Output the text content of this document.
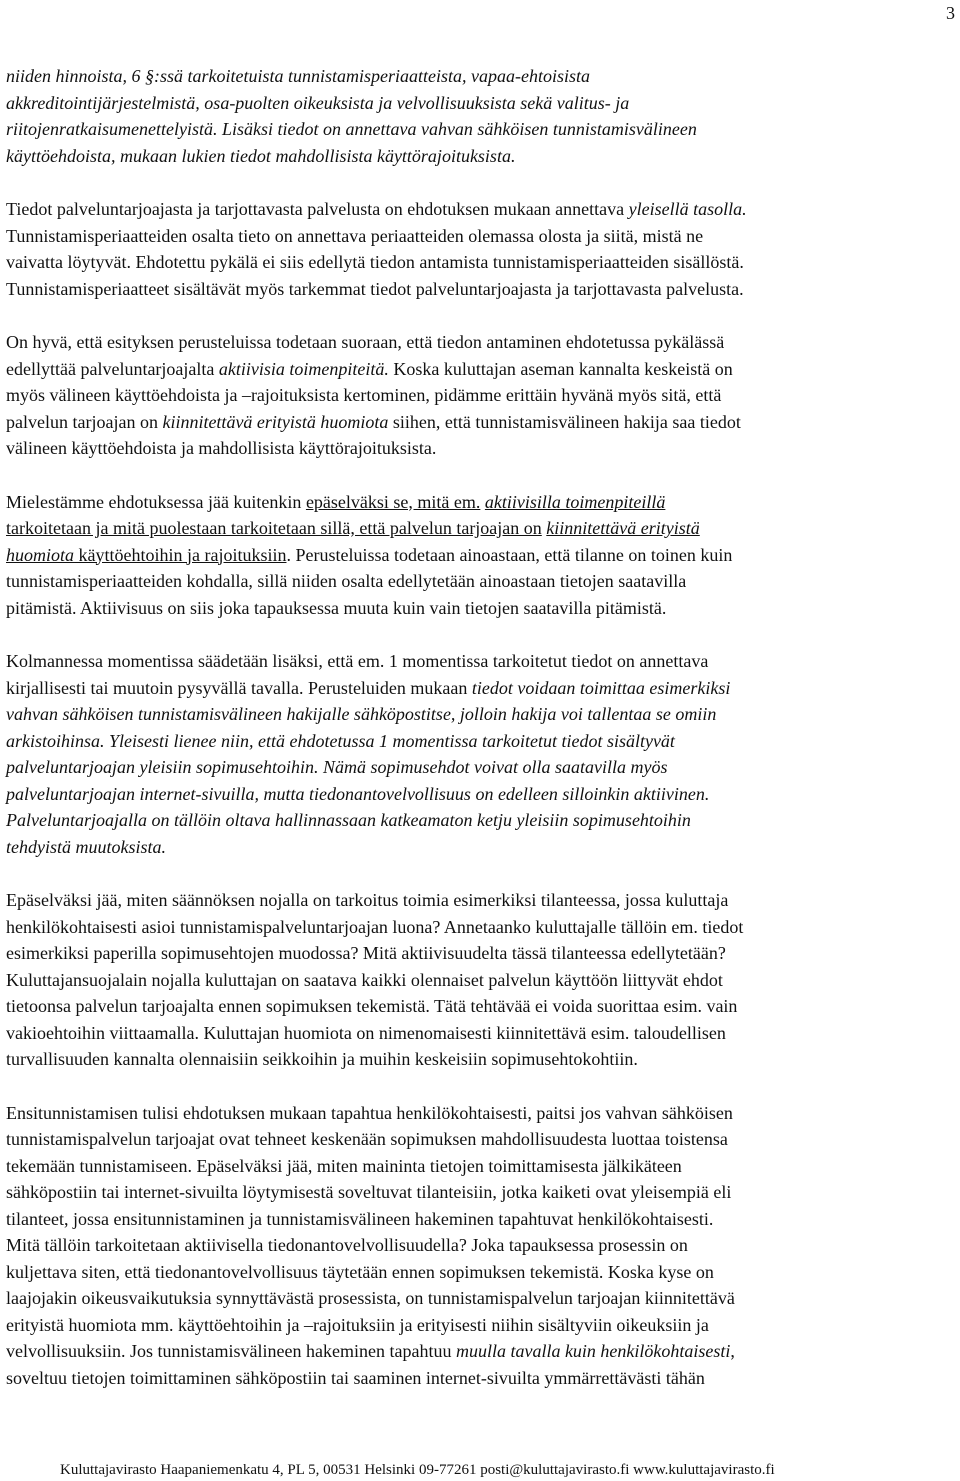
3
niiden hinnoista, 6 §:ssä tarkoitetuista tunnistamisperiaatteista, vapaa-ehtoisista
akkreditointijärjestelmistä, osa-puolten oikeuksista ja velvollisuuksista sekä valitus- ja
riitojenratkaisumenettelyistä. Lisäksi tiedot on annettava vahvan sähköisen tunnistamisvälineen
käyttöehdoista, mukaan lukien tiedot mahdollisista käyttörajoituksista.
Tiedot palveluntarjoajasta ja tarjottavasta palvelusta on ehdotuksen mukaan annettava yleisellä tasolla.
Tunnistamisperiaatteiden osalta tieto on annettava periaatteiden olemassa olosta ja siitä, mistä ne
vaivatta löytyvät. Ehdotettu pykälä ei siis edellytä tiedon antamista tunnistamisperiaatteiden sisällöstä.
Tunnistamisperiaatteet sisältävät myös tarkemmat tiedot palveluntarjoajasta ja tarjottavasta palvelusta.
On hyvä, että esityksen perusteluissa todetaan suoraan, että tiedon antaminen ehdotetussa pykälässä
edellyttää palveluntarjoajalta aktiivisia toimenpiteitä. Koska kuluttajan aseman kannalta keskeistä on
myös välineen käyttöehdoista ja –rajoituksista kertominen, pidämme erittäin hyvänä myös sitä, että
palvelun tarjoajan on kiinnitettävä erityistä huomiota siihen, että tunnistamisvälineen hakija saa tiedot
välineen käyttöehdoista ja mahdollisista käyttörajoituksista.
Mielestämme ehdotuksessa jää kuitenkin epäselväksi se, mitä em. aktiivisilla toimenpiteillä
tarkoitetaan ja mitä puolestaan tarkoitetaan sillä, että palvelun tarjoajan on kiinnitettävä erityistä
huomiota käyttöehtoihin ja rajoituksiin. Perusteluissa todetaan ainoastaan, että tilanne on toinen kuin
tunnistamisperiaatteiden kohdalla, sillä niiden osalta edellytetään ainoastaan tietojen saatavilla
pitämistä. Aktiivisuus on siis joka tapauksessa muuta kuin vain tietojen saatavilla pitämistä.
Kolmannessa momentissa säädetään lisäksi, että em. 1 momentissa tarkoitetut tiedot on annettava
kirjallisesti tai muutoin pysyvällä tavalla. Perusteluiden mukaan tiedot voidaan toimittaa esimerkiksi
vahvan sähköisen tunnistamisvälineen hakijalle sähköpostitse, jolloin hakija voi tallentaa se omiin
arkistoihinsa. Yleisesti lienee niin, että ehdotetussa 1 momentissa tarkoitetut tiedot sisältyvät
palveluntarjoajan yleisiin sopimusehtoihin. Nämä sopimusehdot voivat olla saatavilla myös
palveluntarjoajan internet-sivuilla, mutta tiedonantovelvollisuus on edelleen silloinkin aktiivinen.
Palveluntarjoajalla on tällöin oltava hallinnassaan katkeamaton ketju yleisiin sopimusehtoihin
tehdyistä muutoksista.
Epäselväksi jää, miten säännöksen nojalla on tarkoitus toimia esimerkiksi tilanteessa, jossa kuluttaja
henkilökohtaisesti asioi tunnistamispalveluntarjoajan luona? Annetaanko kuluttajalle tällöin em. tiedot
esimerkiksi paperilla sopimusehtojen muodossa? Mitä aktiivisuudelta tässä tilanteessa edellytetään?
Kuluttajansuojalain nojalla kuluttajan on saatava kaikki olennaiset palvelun käyttöön liittyvät ehdot
tietoonsa palvelun tarjoajalta ennen sopimuksen tekemistä. Tätä tehtävää ei voida suorittaa esim. vain
vakioehtoihin viittaamalla. Kuluttajan huomiota on nimenomaisesti kiinnitettävä esim. taloudellisen
turvallisuuden kannalta olennaisiin seikkoihin ja muihin keskeisiin sopimusehtokohtiin.
Ensitunnistamisen tulisi ehdotuksen mukaan tapahtua henkilökohtaisesti, paitsi jos vahvan sähköisen
tunnistamispalvelun tarjoajat ovat tehneet keskenään sopimuksen mahdollisuudesta luottaa toistensa
tekemään tunnistamiseen. Epäselväksi jää, miten maininta tietojen toimittamisesta jälkikäteen
sähköpostiin tai internet-sivuilta löytymisestä soveltuvat tilanteisiin, jotka kaiketi ovat yleisempiä eli
tilanteet, jossa ensitunnistaminen ja tunnistamisvälineen hakeminen tapahtuvat henkilökohtaisesti.
Mitä tällöin tarkoitetaan aktiivisella tiedonantovelvollisuudella? Joka tapauksessa prosessin on
kuljettava siten, että tiedonantovelvollisuus täytetään ennen sopimuksen tekemistä. Koska kyse on
laajojakin oikeusvaikutuksia synnyttävästä prosessista, on tunnistamispalvelun tarjoajan kiinnitettävä
erityistä huomiota mm. käyttöehtoihin ja –rajoituksiin ja erityisesti niihin sisältyviin oikeuksiin ja
velvollisuuksiin. Jos tunnistamisvälineen hakeminen tapahtuu muulla tavalla kuin henkilökohtaisesti,
soveltuu tietojen toimittaminen sähköpostiin tai saaminen internet-sivuilta ymmärrettävästi tähän
Kuluttajavirasto Haapaniemenkatu 4, PL 5, 00531 Helsinki 09-77261 posti@kuluttajavirasto.fi www.kuluttajavirasto.fi
